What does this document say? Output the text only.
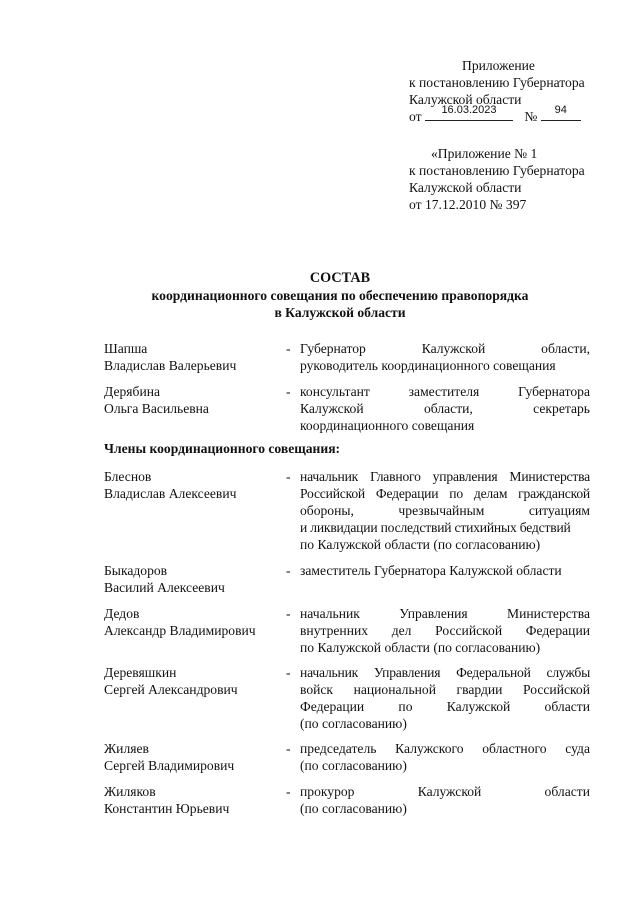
Приложение
к постановлению Губернатора
Калужской области
от	16.03.2023	№	94
«Приложение № 1
к постановлению Губернатора
Калужской области
от 17.12.2010 № 397
СОСТАВ
координационного совещания по обеспечению правопорядка
в Калужской области
Шапша
Владислав Валерьевич
- Губернатор Калужской области,
руководитель координационного совещания
Дерябина
Ольга Васильевна
- консультант заместителя Губернатора
Калужской области, секретарь
координационного совещания
Члены координационного совещания:
Блеснов
Владислав Алексеевич
- начальник Главного управления Министерства
Российской Федерации по делам гражданской
обороны, чрезвычайным ситуациям
и ликвидации последствий стихийных бедствий
по Калужской области (по согласованию)
Быкадоров
Василий Алексеевич
- заместитель Губернатора Калужской области
Дедов
Александр Владимирович
- начальник Управления Министерства
внутренних дел Российской Федерации
по Калужской области (по согласованию)
Деревяшкин
Сергей Александрович
- начальник Управления Федеральной службы
войск национальной гвардии Российской
Федерации по Калужской области
(по согласованию)
Жиляев
Сергей Владимирович
- председатель Калужского областного суда
(по согласованию)
Жиляков
Константин Юрьевич
- прокурор Калужской области
(по согласованию)
